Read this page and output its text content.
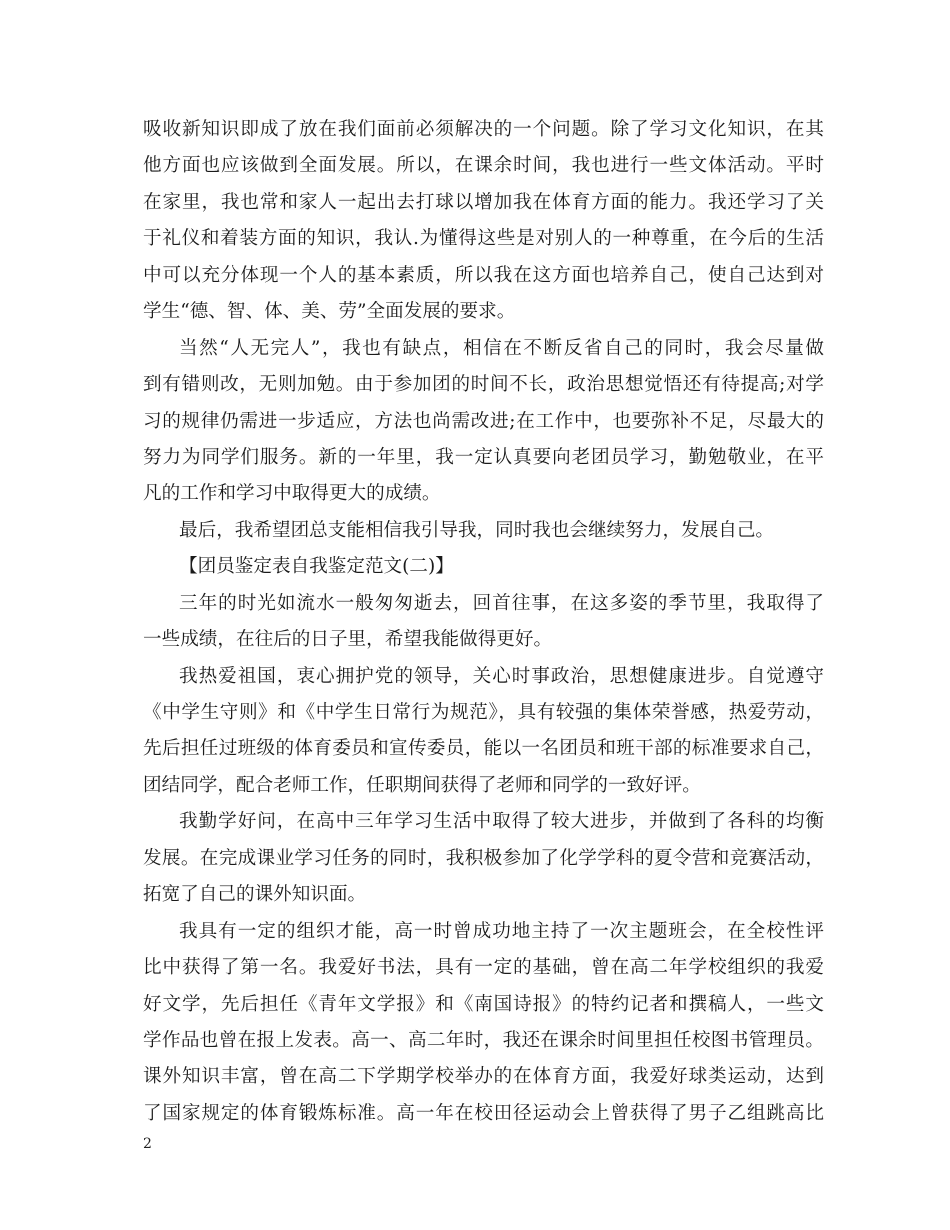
吸收新知识即成了放在我们面前必须解决的一个问题。除了学习文化知识，在其
他方面也应该做到全面发展。所以，在课余时间，我也进行一些文体活动。平时
在家里，我也常和家人一起出去打球以增加我在体育方面的能力。我还学习了关
于礼仪和着装方面的知识，我认.为懂得这些是对别人的一种尊重，在今后的生活
中可以充分体现一个人的基本素质，所以我在这方面也培养自己，使自己达到对
学生“德、智、体、美、劳”全面发展的要求。
当然“人无完人”，我也有缺点，相信在不断反省自己的同时，我会尽量做
到有错则改，无则加勉。由于参加团的时间不长，政治思想觉悟还有待提高;对学
习的规律仍需进一步适应，方法也尚需改进;在工作中，也要弥补不足，尽最大的
努力为同学们服务。新的一年里，我一定认真要向老团员学习，勤勉敬业，在平
凡的工作和学习中取得更大的成绩。
最后，我希望团总支能相信我引导我，同时我也会继续努力，发展自己。
【团员鉴定表自我鉴定范文(二)】
三年的时光如流水一般匆匆逝去，回首往事，在这多姿的季节里，我取得了
一些成绩，在往后的日子里，希望我能做得更好。
我热爱祖国，衷心拥护党的领导，关心时事政治，思想健康进步。自觉遵守
《中学生守则》和《中学生日常行为规范》，具有较强的集体荣誉感，热爱劳动，
先后担任过班级的体育委员和宣传委员，能以一名团员和班干部的标准要求自己，
团结同学，配合老师工作，任职期间获得了老师和同学的一致好评。
我勤学好问，在高中三年学习生活中取得了较大进步，并做到了各科的均衡
发展。在完成课业学习任务的同时，我积极参加了化学学科的夏令营和竞赛活动，
拓宽了自己的课外知识面。
我具有一定的组织才能，高一时曾成功地主持了一次主题班会，在全校性评
比中获得了第一名。我爱好书法，具有一定的基础，曾在高二年学校组织的我爱
好文学，先后担任《青年文学报》和《南国诗报》的特约记者和撰稿人，一些文
学作品也曾在报上发表。高一、高二年时，我还在课余时间里担任校图书管理员。
课外知识丰富，曾在高二下学期学校举办的在体育方面，我爱好球类运动，达到
了国家规定的体育锻炼标准。高一年在校田径运动会上曾获得了男子乙组跳高比
2
